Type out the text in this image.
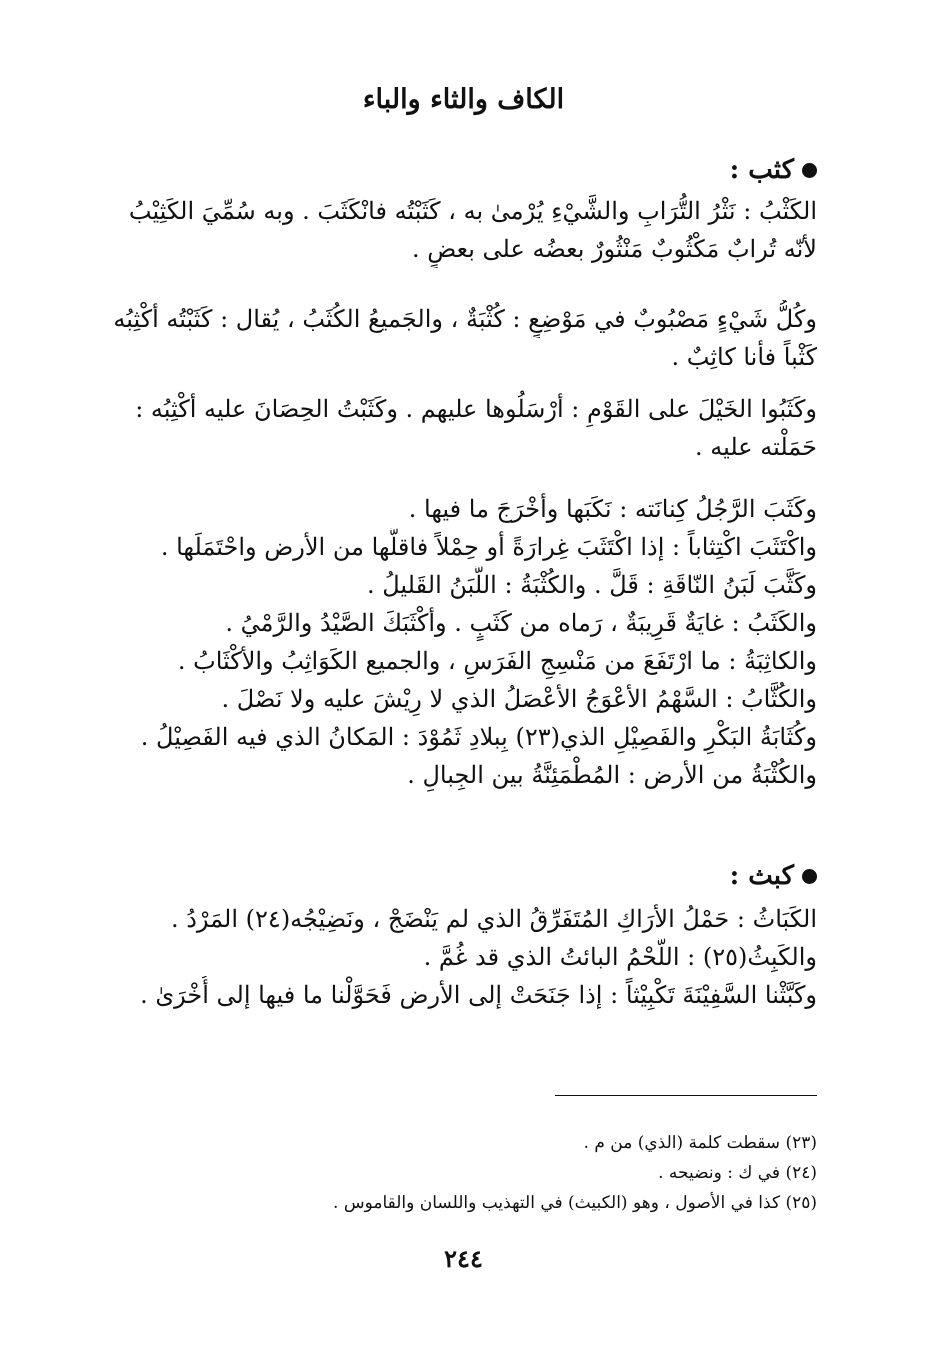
الكاف والثاء والباء
كثب :
الكَثْبُ : نَثْرُ التُّرَابِ والشَّيْءِ يُرْمىٰ به ، كَثَبْتُه فانْكَثَبَ . وبه سُمِّيَ الكَثِيْبُ
لأنّه تُرابٌ مَكْثُوبٌ مَنْثُورٌ بعضُه على بعضٍ .
وكُلُّ شَيْءٍ مَصْبُوبٌ في مَوْضِعٍ : كُثْبَةٌ ، والجَميعُ الكُثَبُ ، يُقال : كَثَبْتُه أكْثِبُه
كَثْباً فأنا كاثِبٌ .
وكَثَبُوا الخَيْلَ على القَوْمِ : أرْسَلُوها عليهم . وكَثَبْتُ الحِصَانَ عليه أكْثِبُه :
حَمَلْته عليه .
وكَثَبَ الرَّجُلُ كِنانَته : نَكَبَها وأخْرَجَ ما فيها .
واكْتَثَبَ اكْتِثاباً : إذا اكْتَثَبَ غِرارَةً أو حِمْلاً فاقلَّها من الأرض واحْتَمَلَها .
وكَثَّبَ لَبَنُ النّاقَةِ : قَلَّ . والكُثْبَةُ : اللَّبَنُ القَليلُ .
والكَثَبُ : غايَةٌ قَرِيبَةٌ ، رَماه من كَثَبٍ . وأكْثَبَكَ الصَّيْدُ والرَّمْيُ .
والكاثِبَةُ : ما ارْتَفَعَ من مَنْسِجِ الفَرَسِ ، والجميع الكَوَاثِبُ والأكْثَابُ .
والكُثَّابُ : السَّهْمُ الأعْوَجُ الأعْصَلُ الذي لا رِيْشَ عليه ولا نَصْلَ .
وكُثَابَةُ البَكْرِ والفَصِيْلِ الذي(٢٣) بِبلادِ ثَمُوْدَ : المَكانُ الذي فيه الفَصِيْلُ .
والكُثْبَةُ من الأرض : المُطْمَئِنَّةُ بين الجِبالِ .
كبث :
الكَبَاثُ : حَمْلُ الأرَاكِ المُتَفَرِّقُ الذي لم يَنْضَجْ ، ونَضِيْجُه(٢٤) المَرْدُ .
والكَبِثُ(٢٥) : اللَّحْمُ البائتُ الذي قد غُمَّ .
وكَبَّثْنا السَّفِيْنَةَ تَكْبِيْثاً : إذا جَنَحَتْ إلى الأرض فَحَوَّلْنا ما فيها إلى أُخْرَىٰ .
(٢٣) سقطت كلمة (الذي) من م .
(٢٤) في ك : ونضيحه .
(٢٥) كذا في الأصول ، وهو (الكبيث) في التهذيب واللسان والقاموس .
٢٤٤
